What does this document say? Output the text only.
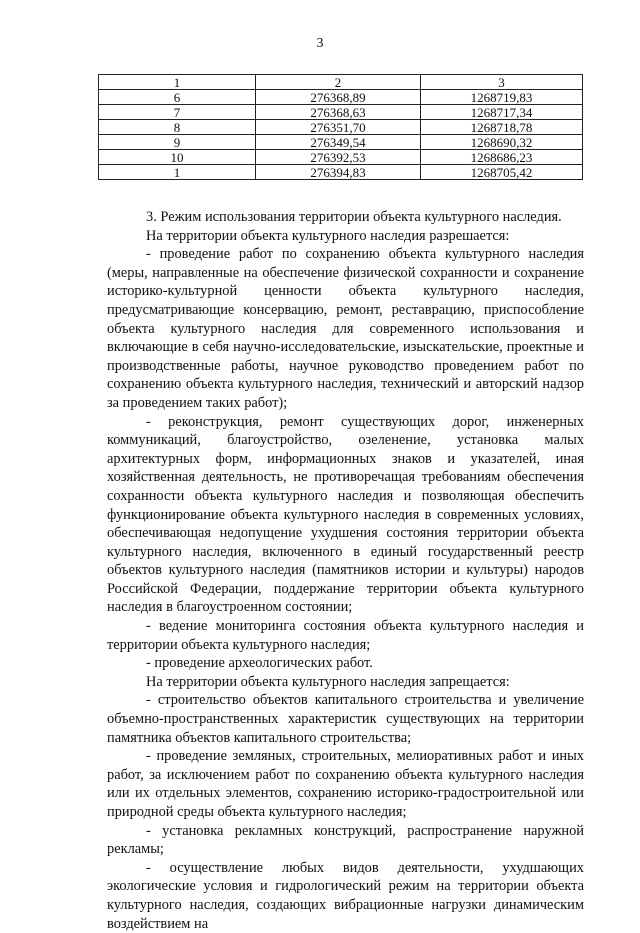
3
1	2	3
6	276368,89	1268719,83
7	276368,63	1268717,34
8	276351,70	1268718,78
9	276349,54	1268690,32
10	276392,53	1268686,23
1	276394,83	1268705,42

3. Режим использования территории объекта культурного наследия.

На территории объекта культурного наследия разрешается:

- проведение работ по сохранению объекта культурного наследия (меры, направленные на обеспечение физической сохранности и сохранение историко-культурной ценности объекта культурного наследия, предусматривающие консервацию, ремонт, реставрацию, приспособление объекта культурного наследия для современного использования и включающие в себя научно-исследовательские, изыскательские, проектные и производственные работы, научное руководство проведением работ по сохранению объекта культурного наследия, технический и авторский надзор за проведением таких работ);

- реконструкция, ремонт существующих дорог, инженерных коммуникаций, благоустройство, озеленение, установка малых архитектурных форм, информационных знаков и указателей, иная хозяйственная деятельность, не противоречащая требованиям обеспечения сохранности объекта культурного наследия и позволяющая обеспечить функционирование объекта культурного наследия в современных условиях, обеспечивающая недопущение ухудшения состояния территории объекта культурного наследия, включенного в единый государственный реестр объектов культурного наследия (памятников истории и культуры) народов Российской Федерации, поддержание территории объекта культурного наследия в благоустроенном состоянии;

- ведение мониторинга состояния объекта культурного наследия и территории объекта культурного наследия;

- проведение археологических работ.

На территории объекта культурного наследия запрещается:

- строительство объектов капитального строительства и увеличение объемно-пространственных характеристик существующих на территории памятника объектов капитального строительства;

- проведение земляных, строительных, мелиоративных работ и иных работ, за исключением работ по сохранению объекта культурного наследия или их отдельных элементов, сохранению историко-градостроительной или природной среды объекта культурного наследия;

- установка рекламных конструкций, распространение наружной рекламы;

- осуществление любых видов деятельности, ухудшающих экологические условия и гидрологический режим на территории объекта культурного наследия, создающих вибрационные нагрузки динамическим воздействием на
